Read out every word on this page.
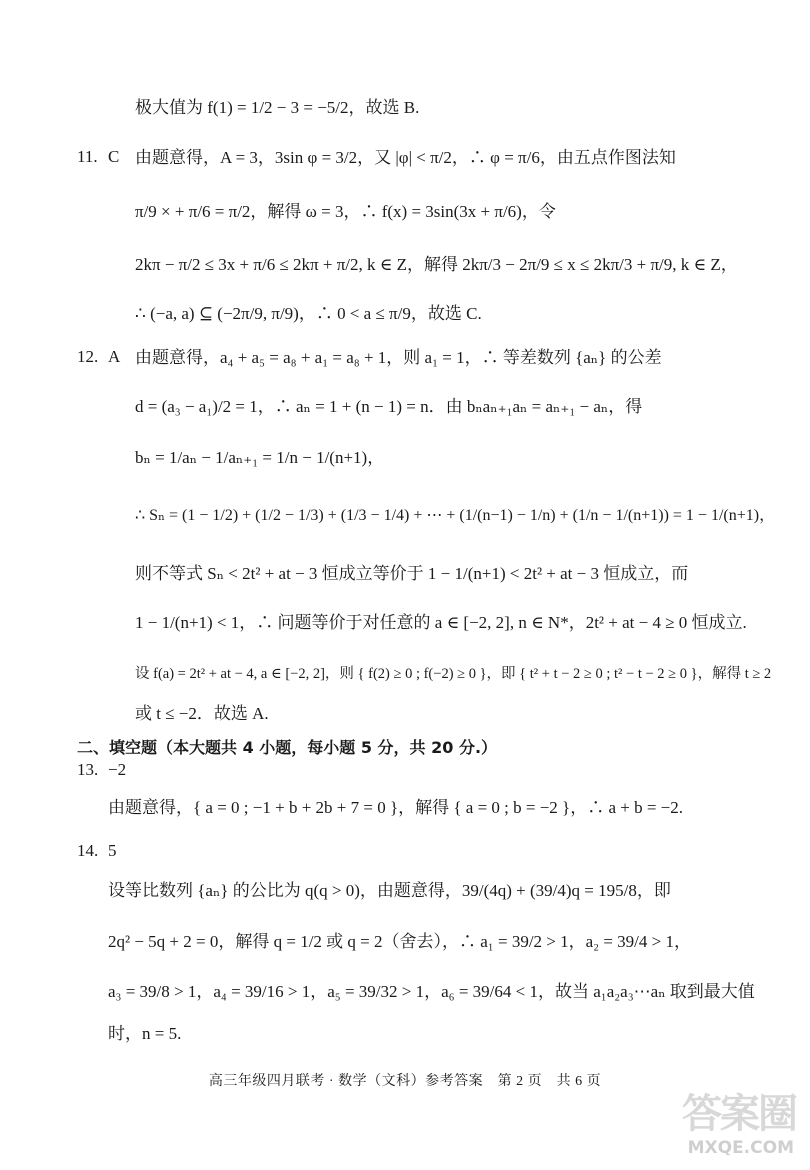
极大值为 f(1) = 1/2 − 3 = −5/2，故选 B.
11. C 由题意得，A = 3，3sin φ = 3/2，又 |φ| < π/2，∴ φ = π/6，由五点作图法知
π/9 × + π/6 = π/2，解得 ω = 3，∴ f(x) = 3sin(3x + π/6)，令
2kπ − π/2 ≤ 3x + π/6 ≤ 2kπ + π/2, k ∈ Z，解得 2kπ/3 − 2π/9 ≤ x ≤ 2kπ/3 + π/9, k ∈ Z，
∴ (−a, a) ⊆ (−2π/9, π/9)，∴ 0 < a ≤ π/9，故选 C.
12. A 由题意得，a₄ + a₅ = a₈ + a₁ = a₈ + 1，则 a₁ = 1，∴ 等差数列 {aₙ} 的公差
d = (a₃ − a₁)/2 = 1，∴ aₙ = 1 + (n − 1) = n．由 bₙaₙ₊₁aₙ = aₙ₊₁ − aₙ，得
bₙ = 1/aₙ − 1/aₙ₊₁ = 1/n − 1/(n+1)，
∴ Sₙ = (1 − 1/2) + (1/2 − 1/3) + (1/3 − 1/4) + ⋯ + (1/(n−1) − 1/n) + (1/n − 1/(n+1)) = 1 − 1/(n+1)，
则不等式 Sₙ < 2t² + at − 3 恒成立等价于 1 − 1/(n+1) < 2t² + at − 3 恒成立，而
1 − 1/(n+1) < 1，∴ 问题等价于对任意的 a ∈ [−2, 2], n ∈ N*，2t² + at − 4 ≥ 0 恒成立.
设 f(a) = 2t² + at − 4, a ∈ [−2, 2]，则 { f(2) ≥ 0 ; f(−2) ≥ 0 }，即 { t² + t − 2 ≥ 0 ; t² − t − 2 ≥ 0 }，解得 t ≥ 2
或 t ≤ −2．故选 A.
二、填空题（本大题共 4 小题，每小题 5 分，共 20 分.）
13. −2
由题意得，{ a = 0 ; −1 + b + 2b + 7 = 0 }，解得 { a = 0 ; b = −2 }，∴ a + b = −2.
14. 5
设等比数列 {aₙ} 的公比为 q(q > 0)，由题意得，39/(4q) + (39/4)q = 195/8，即
2q² − 5q + 2 = 0，解得 q = 1/2 或 q = 2（舍去），∴ a₁ = 39/2 > 1，a₂ = 39/4 > 1，
a₃ = 39/8 > 1，a₄ = 39/16 > 1，a₅ = 39/32 > 1，a₆ = 39/64 < 1，故当 a₁a₂a₃⋯aₙ 取到最大值
时，n = 5.
高三年级四月联考 · 数学（文科）参考答案　第 2 页　共 6 页
答案圈
MXQE.COM
